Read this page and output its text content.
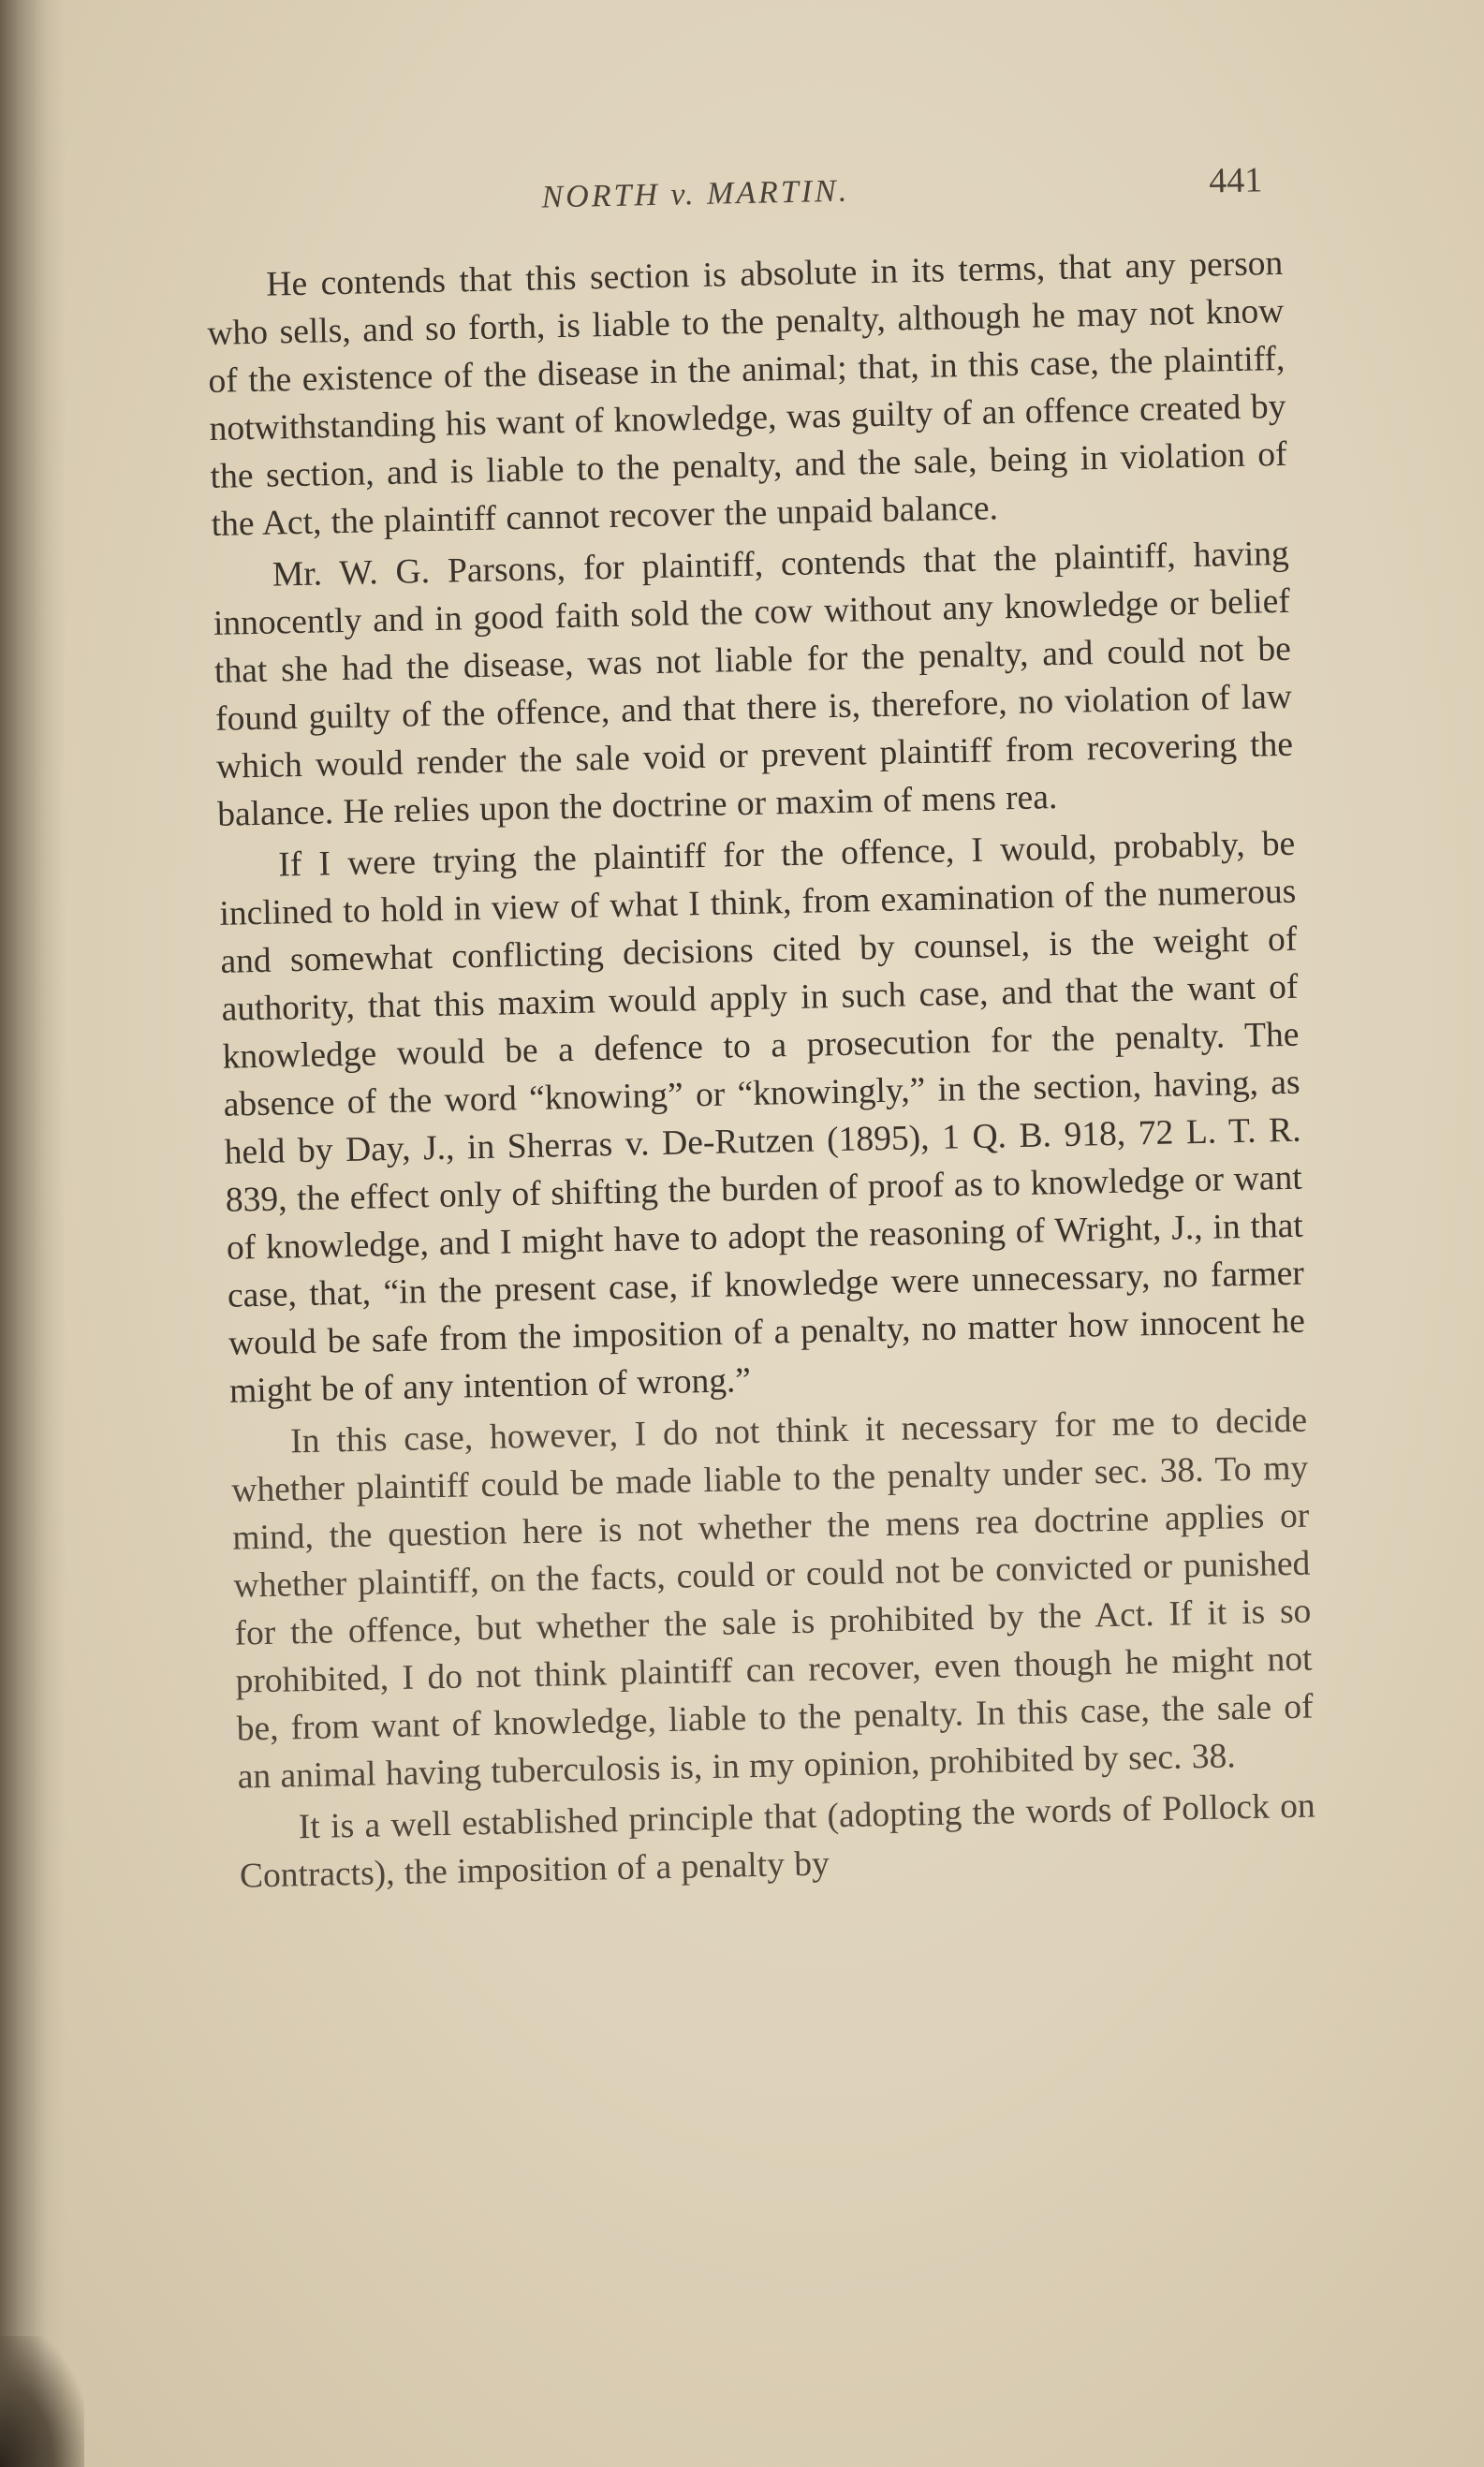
NORTH v. MARTIN.	441

He contends that this section is absolute in its terms, that any person who sells, and so forth, is liable to the penalty, although he may not know of the existence of the disease in the animal; that, in this case, the plaintiff, notwithstanding his want of knowledge, was guilty of an offence created by the section, and is liable to the penalty, and the sale, being in violation of the Act, the plaintiff cannot recover the unpaid balance.

Mr. W. G. Parsons, for plaintiff, contends that the plaintiff, having innocently and in good faith sold the cow without any knowledge or belief that she had the disease, was not liable for the penalty, and could not be found guilty of the offence, and that there is, therefore, no violation of law which would render the sale void or prevent plaintiff from recovering the balance. He relies upon the doctrine or maxim of mens rea.

If I were trying the plaintiff for the offence, I would, probably, be inclined to hold in view of what I think, from examination of the numerous and somewhat conflicting decisions cited by counsel, is the weight of authority, that this maxim would apply in such case, and that the want of knowledge would be a defence to a prosecution for the penalty. The absence of the word “knowing” or “knowingly,” in the section, having, as held by Day, J., in Sherras v. De-Rutzen (1895), 1 Q. B. 918, 72 L. T. R. 839, the effect only of shifting the burden of proof as to knowledge or want of knowledge, and I might have to adopt the reasoning of Wright, J., in that case, that, “in the present case, if knowledge were unnecessary, no farmer would be safe from the imposition of a penalty, no matter how innocent he might be of any intention of wrong.”

In this case, however, I do not think it necessary for me to decide whether plaintiff could be made liable to the penalty under sec. 38. To my mind, the question here is not whether the mens rea doctrine applies or whether plaintiff, on the facts, could or could not be convicted or punished for the offence, but whether the sale is prohibited by the Act. If it is so prohibited, I do not think plaintiff can recover, even though he might not be, from want of knowledge, liable to the penalty. In this case, the sale of an animal having tuberculosis is, in my opinion, prohibited by sec. 38.

It is a well established principle that (adopting the words of Pollock on Contracts), the imposition of a penalty by
